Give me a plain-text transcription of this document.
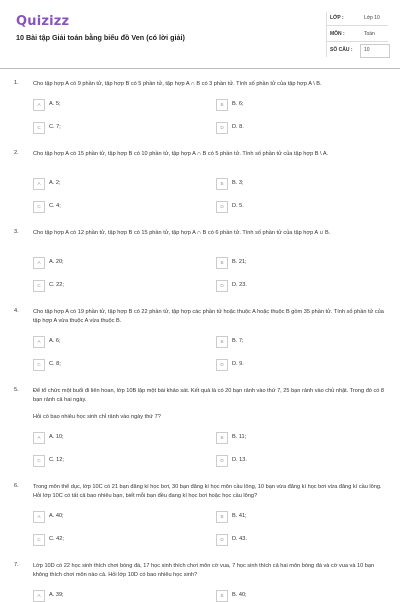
Quizizz
10 Bài tập Giải toán bằng biểu đồ Ven (có lời giải)
LỚP :	Lớp 10
MÔN :	Toán
SỐ CÂU : 10
1.	Cho tập hợp A có 9 phần tử, tập hợp B có 5 phần tử, tập hợp A ∩ B có 3 phần tử. Tính số phần tử của tập hợp A \ B.
A	A. 5;	B	B. 6;
C	C. 7;	D	D. 8.
2.	Cho tập hợp A có 15 phần tử, tập hợp B có 10 phần tử, tập hợp A ∩ B có 5 phần tử. Tính số phần tử của tập hợp B \ A.
A	A. 2;	B	B. 3;
C	C. 4;	D	D. 5.
3.	Cho tập hợp A có 12 phần tử, tập hợp B có 15 phần tử, tập hợp A ∩ B có 6 phần tử. Tính số phần tử của tập hợp A ∪ B.
A	A. 20;	B	B. 21;
C	C. 22;	D	D. 23.
4.	Cho tập hợp A có 19 phần tử, tập hợp B có 22 phần tử, tập hợp các phần tử hoặc thuộc A hoặc thuộc B gồm 35 phần tử. Tính số phần tử của tập hợp A vừa thuộc A vừa thuộc B.
A	A. 6;	B	B. 7;
C	C. 8;	D	D. 9.
5.	Để tổ chức một buổi đi liên hoan, lớp 10B lập một bài khảo sát. Kết quả là có 20 bạn rảnh vào thứ 7, 25 bạn rảnh vào chủ nhật. Trong đó có 8 bạn rảnh cả hai ngày.
Hỏi có bao nhiêu học sinh chỉ rảnh vào ngày thứ 7?
A	A. 10;	B	B. 11;
C	C. 12;	D	D. 13.
6.	Trong môn thể dục, lớp 10C có 21 bạn đăng kí học bơi, 30 bạn đăng kí học môn cầu lông, 10 bạn vừa đăng kí học bơi vừa đăng kí cầu lông. Hỏi lớp 10C có tất cả bao nhiêu bạn, biết mỗi bạn đều đang kí học bơi hoặc học cầu lông?
A	A. 40;	B	B. 41;
C	C. 42;	D	D. 43.
7.	Lớp 10D có 22 học sinh thích chơi bóng đá, 17 học sinh thích chơi môn cờ vua, 7 học sinh thích cả hai môn bóng đá và cờ vua và 10 bạn không thích chơi môn nào cả. Hỏi lớp 10D có bao nhiêu học sinh?
A	A. 39;	B	B. 40;
